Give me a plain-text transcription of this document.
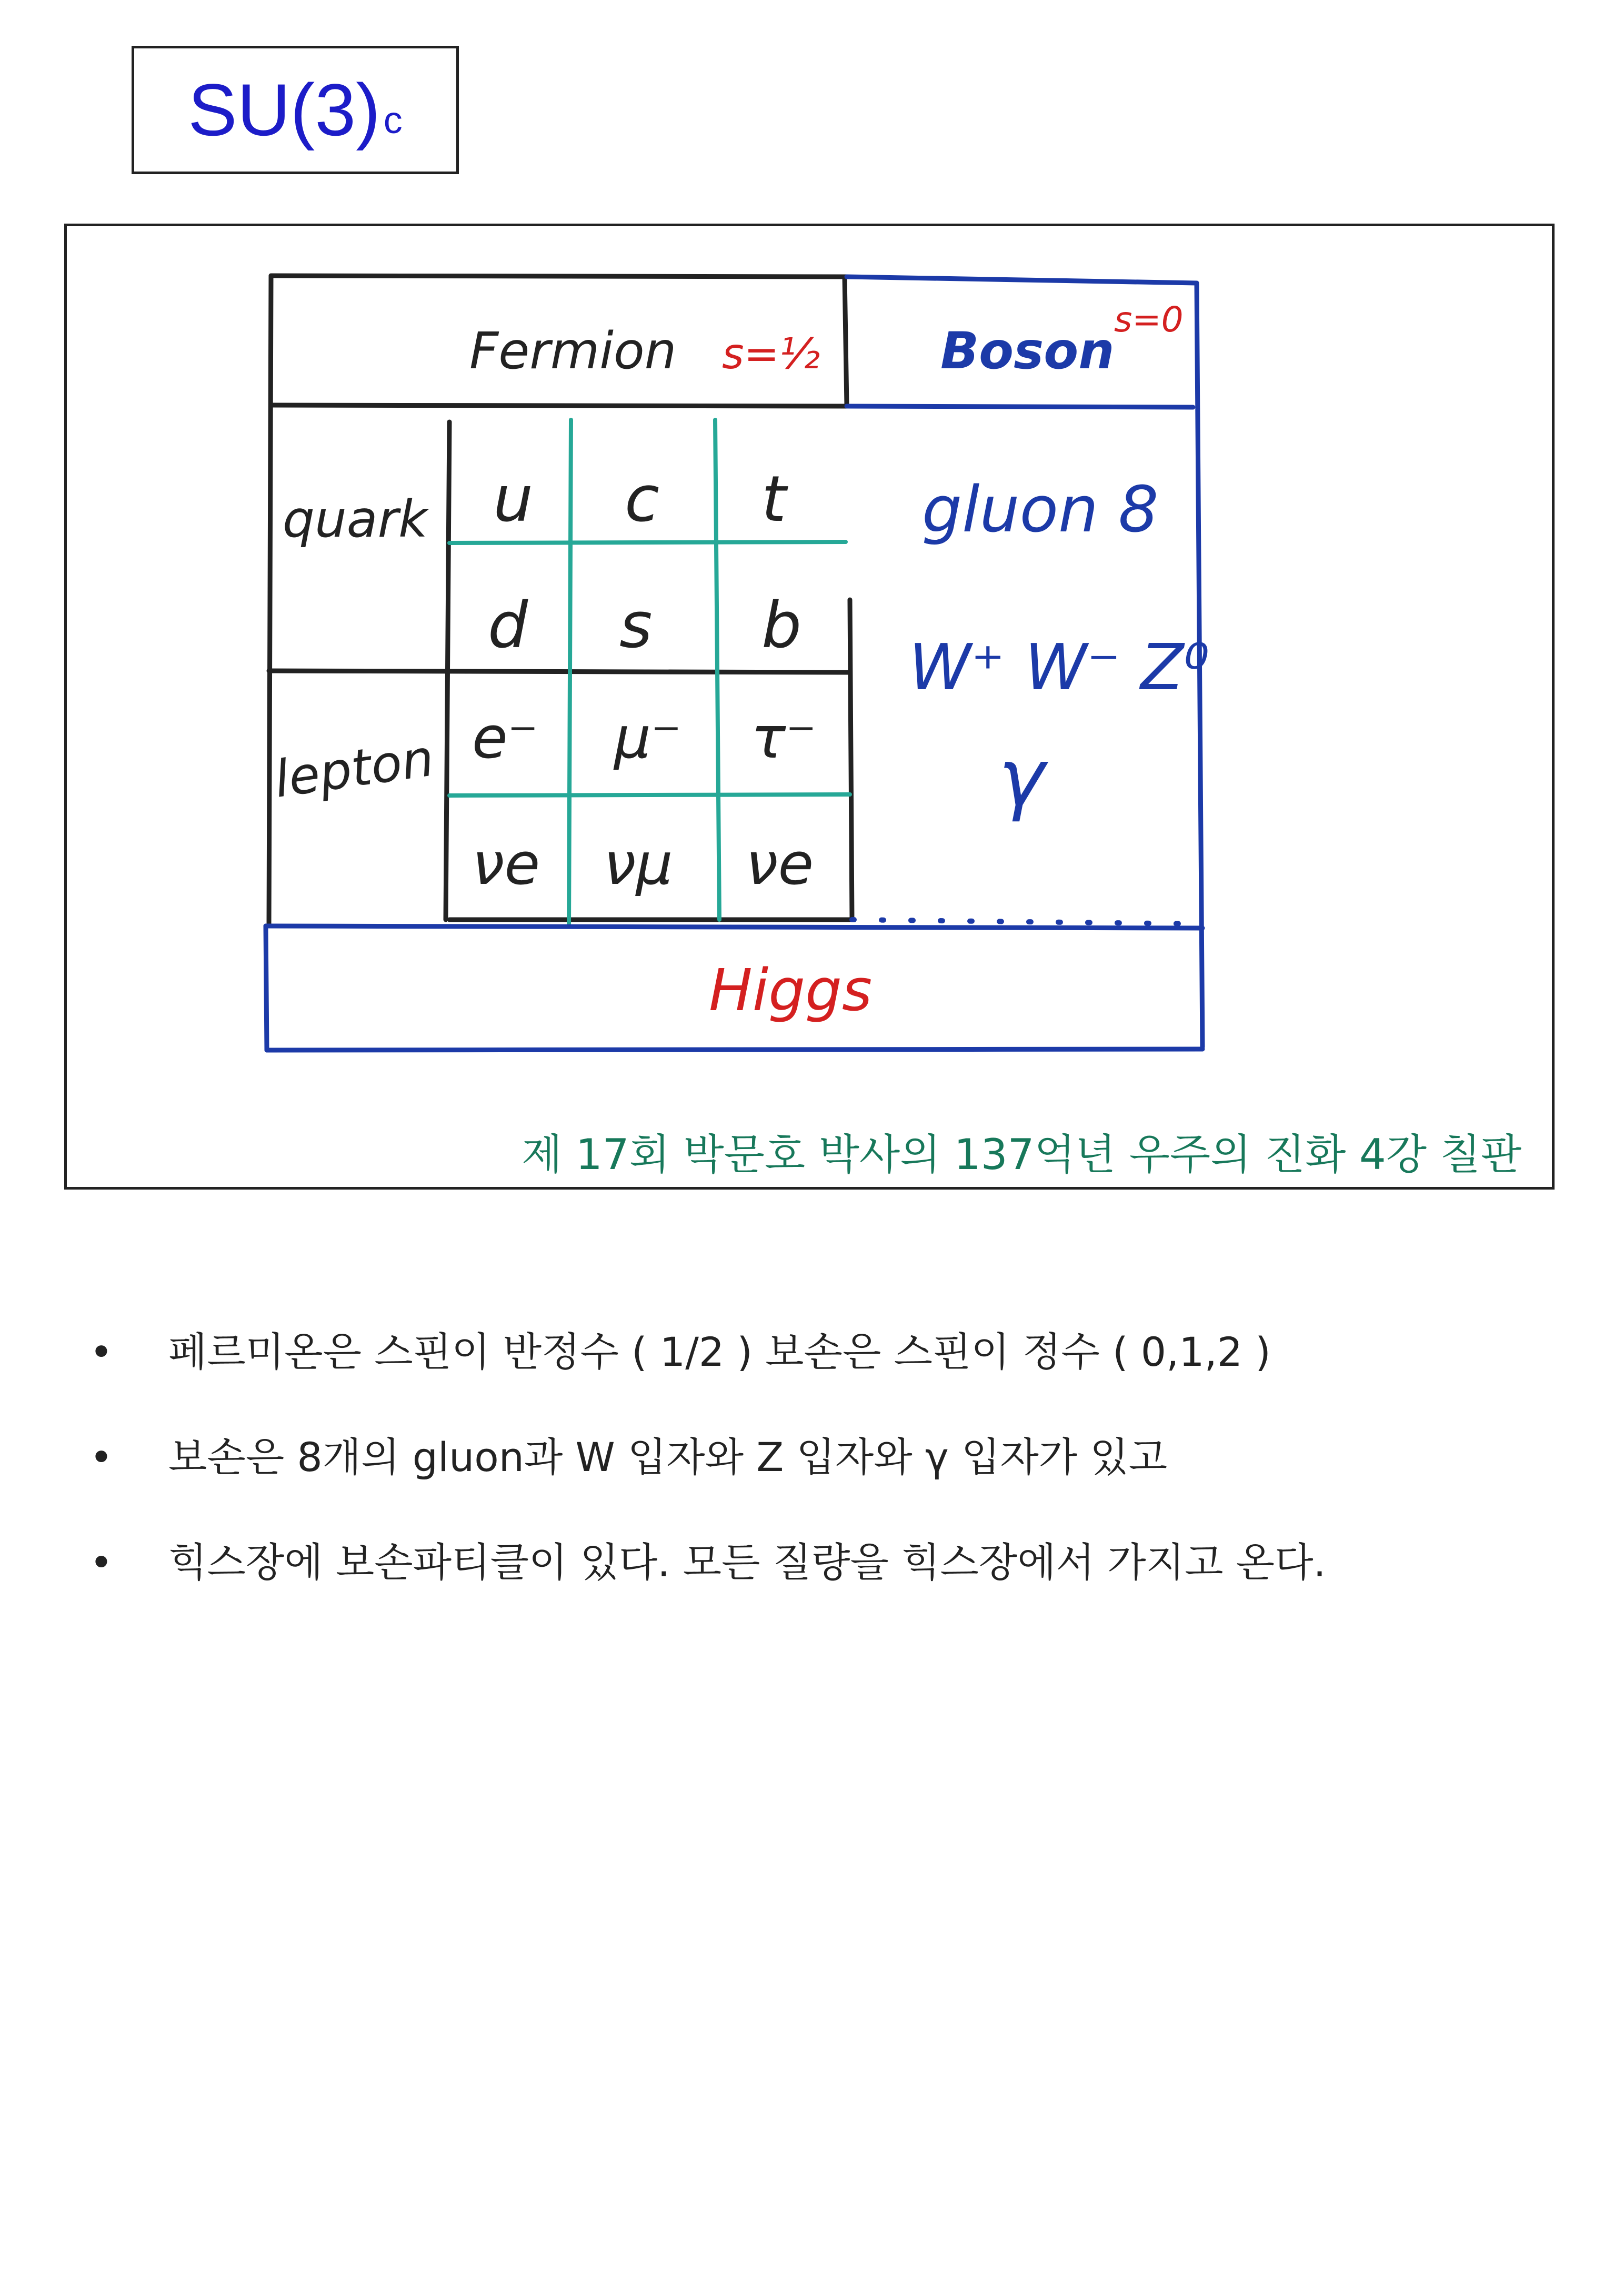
SU(3) c
Fermion
quark
lepton
u c t
d s b
e⁻ μ⁻ τ⁻
νe νμ νe
s=½ Boson
s=0
gluon 8
W⁺ W⁻ Z⁰
γ
Higgs
제 17회 박문호 박사의 137억년 우주의 진화 4강 칠판
• 페르미온은 스핀이 반정수 ( 1/2 ) 보손은 스핀이 정수 ( 0,1,2 )
• 보손은 8개의 gluon과 W 입자와 Z 입자와 γ 입자가 있고
• 힉스장에 보손파티클이 있다. 모든 질량을 힉스장에서 가지고 온다.
